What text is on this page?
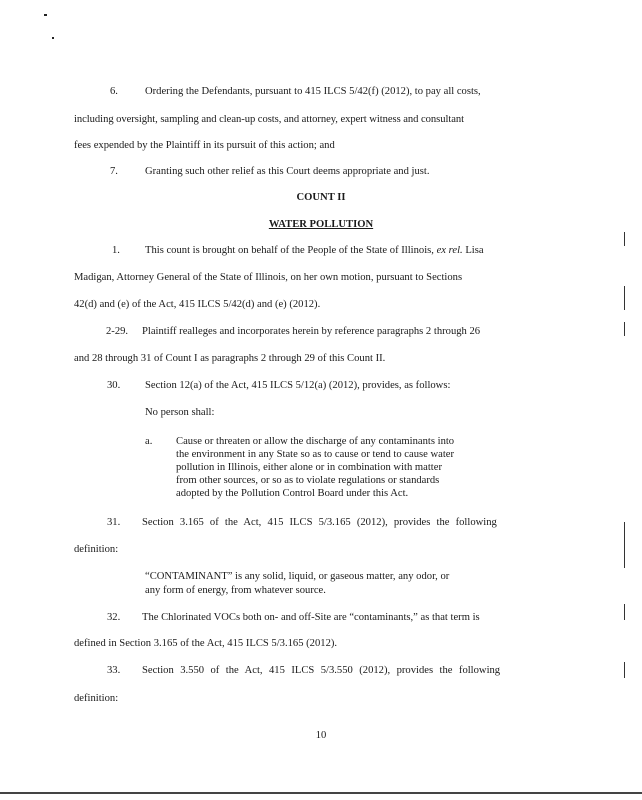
6.	Ordering the Defendants, pursuant to 415 ILCS 5/42(f) (2012), to pay all costs,
including oversight, sampling and clean-up costs, and attorney, expert witness and consultant
fees expended by the Plaintiff in its pursuit of this action; and
7.	Granting such other relief as this Court deems appropriate and just.
COUNT II
WATER POLLUTION
1. This count is brought on behalf of the People of the State of Illinois, ex rel. Lisa
Madigan, Attorney General of the State of Illinois, on her own motion, pursuant to Sections
42(d) and (e) of the Act, 415 ILCS 5/42(d) and (e) (2012).
2-29. Plaintiff realleges and incorporates herein by reference paragraphs 2 through 26
and 28 through 31 of Count I as paragraphs 2 through 29 of this Count II.
30. Section 12(a) of the Act, 415 ILCS 5/12(a) (2012), provides, as follows:
No person shall:
a. Cause or threaten or allow the discharge of any contaminants into
the environment in any State so as to cause or tend to cause water
pollution in Illinois, either alone or in combination with matter
from other sources, or so as to violate regulations or standards
adopted by the Pollution Control Board under this Act.
31. Section 3.165 of the Act, 415 ILCS 5/3.165 (2012), provides the following
definition:
“CONTAMINANT” is any solid, liquid, or gaseous matter, any odor, or
any form of energy, from whatever source.
32. The Chlorinated VOCs both on- and off-Site are “contaminants,” as that term is
defined in Section 3.165 of the Act, 415 ILCS 5/3.165 (2012).
33. Section 3.550 of the Act, 415 ILCS 5/3.550 (2012), provides the following
definition:
10
